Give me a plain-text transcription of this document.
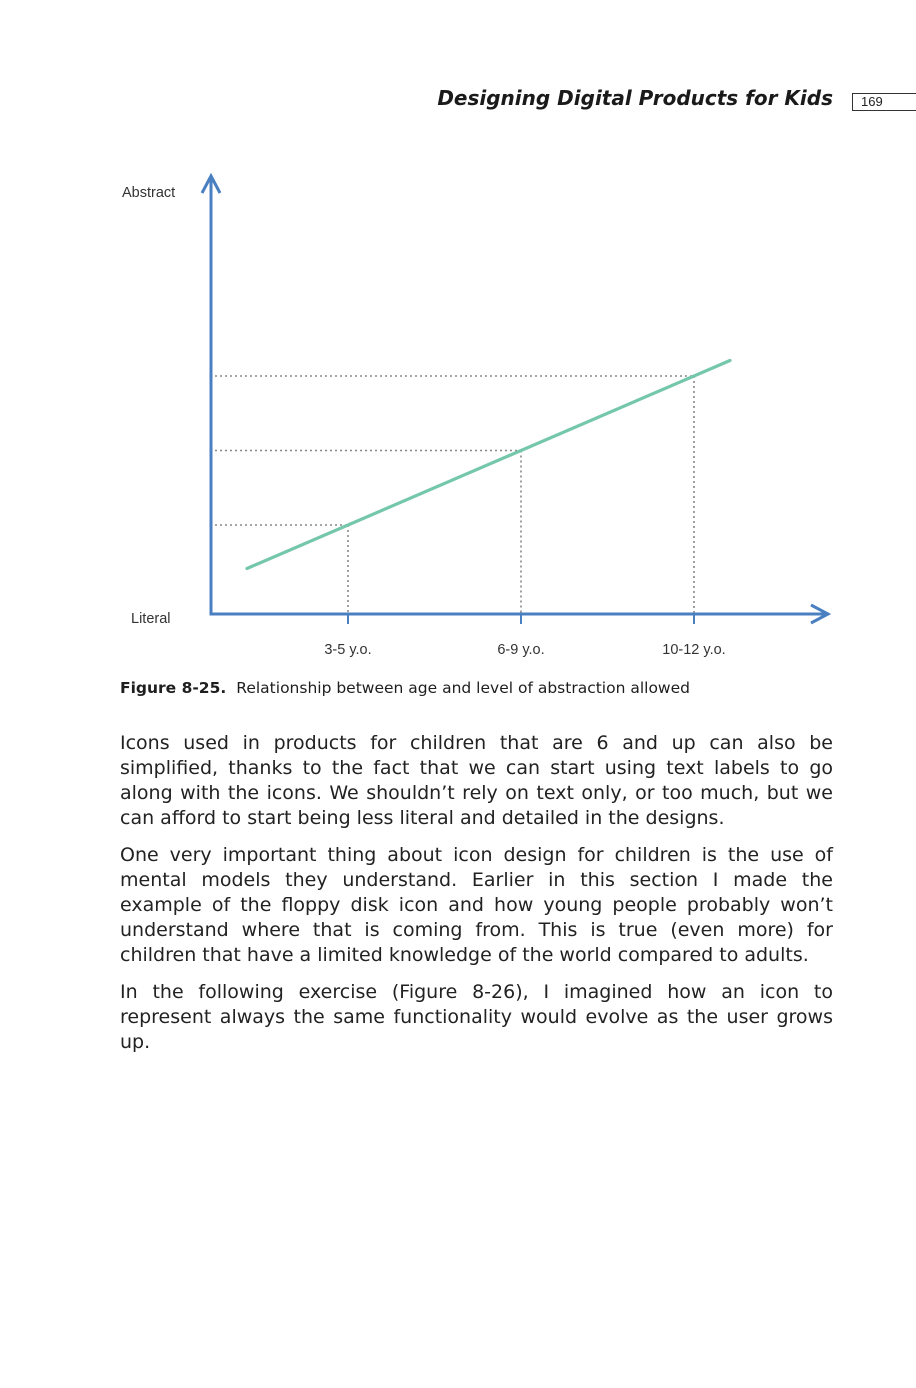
Designing Digital Products for Kids	169
Abstract
Literal
3-5 y.o.	6-9 y.o.	10-12 y.o.
Figure 8-25. Relationship between age and level of abstraction allowed

Icons used in products for children that are 6 and up can also be simplified, thanks to the fact that we can start using text labels to go along with the icons. We shouldn’t rely on text only, or too much, but we can afford to start being less literal and detailed in the designs.

One very important thing about icon design for children is the use of mental models they understand. Earlier in this section I made the example of the floppy disk icon and how young people probably won’t understand where that is coming from. This is true (even more) for children that have a limited knowledge of the world compared to adults.

In the following exercise (Figure 8-26), I imagined how an icon to represent always the same functionality would evolve as the user grows up.
